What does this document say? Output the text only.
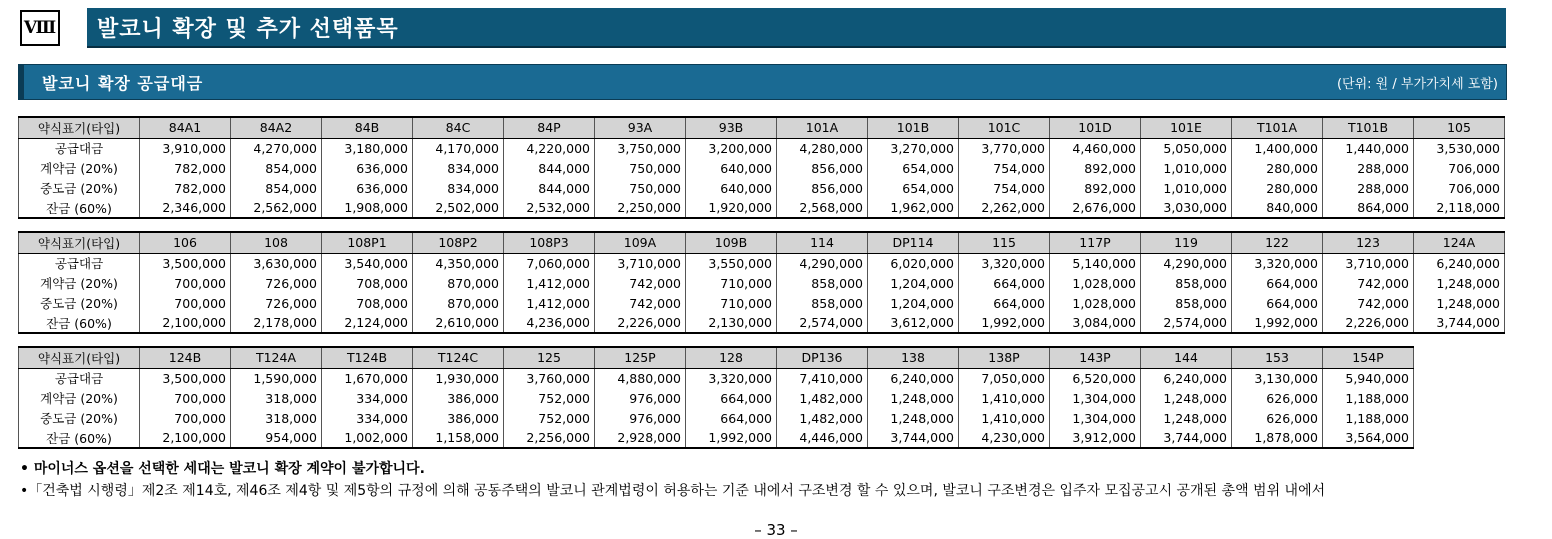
Ⅷ	발코니 확장 및 추가 선택품목
발코니 확장 공급대금	(단위: 원 / 부가가치세 포함)
약식표기(타입)	84A1	84A2	84B	84C	84P	93A	93B	101A	101B	101C	101D	101E	T101A	T101B	105
공급대금	3,910,000	4,270,000	3,180,000	4,170,000	4,220,000	3,750,000	3,200,000	4,280,000	3,270,000	3,770,000	4,460,000	5,050,000	1,400,000	1,440,000	3,530,000
계약금 (20%)	782,000	854,000	636,000	834,000	844,000	750,000	640,000	856,000	654,000	754,000	892,000	1,010,000	280,000	288,000	706,000
중도금 (20%)	782,000	854,000	636,000	834,000	844,000	750,000	640,000	856,000	654,000	754,000	892,000	1,010,000	280,000	288,000	706,000
잔금 (60%)	2,346,000	2,562,000	1,908,000	2,502,000	2,532,000	2,250,000	1,920,000	2,568,000	1,962,000	2,262,000	2,676,000	3,030,000	840,000	864,000	2,118,000
약식표기(타입)	106	108	108P1	108P2	108P3	109A	109B	114	DP114	115	117P	119	122	123	124A
공급대금	3,500,000	3,630,000	3,540,000	4,350,000	7,060,000	3,710,000	3,550,000	4,290,000	6,020,000	3,320,000	5,140,000	4,290,000	3,320,000	3,710,000	6,240,000
계약금 (20%)	700,000	726,000	708,000	870,000	1,412,000	742,000	710,000	858,000	1,204,000	664,000	1,028,000	858,000	664,000	742,000	1,248,000
중도금 (20%)	700,000	726,000	708,000	870,000	1,412,000	742,000	710,000	858,000	1,204,000	664,000	1,028,000	858,000	664,000	742,000	1,248,000
잔금 (60%)	2,100,000	2,178,000	2,124,000	2,610,000	4,236,000	2,226,000	2,130,000	2,574,000	3,612,000	1,992,000	3,084,000	2,574,000	1,992,000	2,226,000	3,744,000
약식표기(타입)	124B	T124A	T124B	T124C	125	125P	128	DP136	138	138P	143P	144	153	154P	
공급대금	3,500,000	1,590,000	1,670,000	1,930,000	3,760,000	4,880,000	3,320,000	7,410,000	6,240,000	7,050,000	6,520,000	6,240,000	3,130,000	5,940,000	
계약금 (20%)	700,000	318,000	334,000	386,000	752,000	976,000	664,000	1,482,000	1,248,000	1,410,000	1,304,000	1,248,000	626,000	1,188,000	
중도금 (20%)	700,000	318,000	334,000	386,000	752,000	976,000	664,000	1,482,000	1,248,000	1,410,000	1,304,000	1,248,000	626,000	1,188,000	
잔금 (60%)	2,100,000	954,000	1,002,000	1,158,000	2,256,000	2,928,000	1,992,000	4,446,000	3,744,000	4,230,000	3,912,000	3,744,000	1,878,000	3,564,000	
• 마이너스 옵션을 선택한 세대는 발코니 확장 계약이 불가합니다.
•「건축법 시행령」제2조 제14호, 제46조 제4항 및 제5항의 규정에 의해 공동주택의 발코니 관계법령이 허용하는 기준 내에서 구조변경 할 수 있으며, 발코니 구조변경은 입주자 모집공고시 공개된 총액 범위 내에서
– 33 –
